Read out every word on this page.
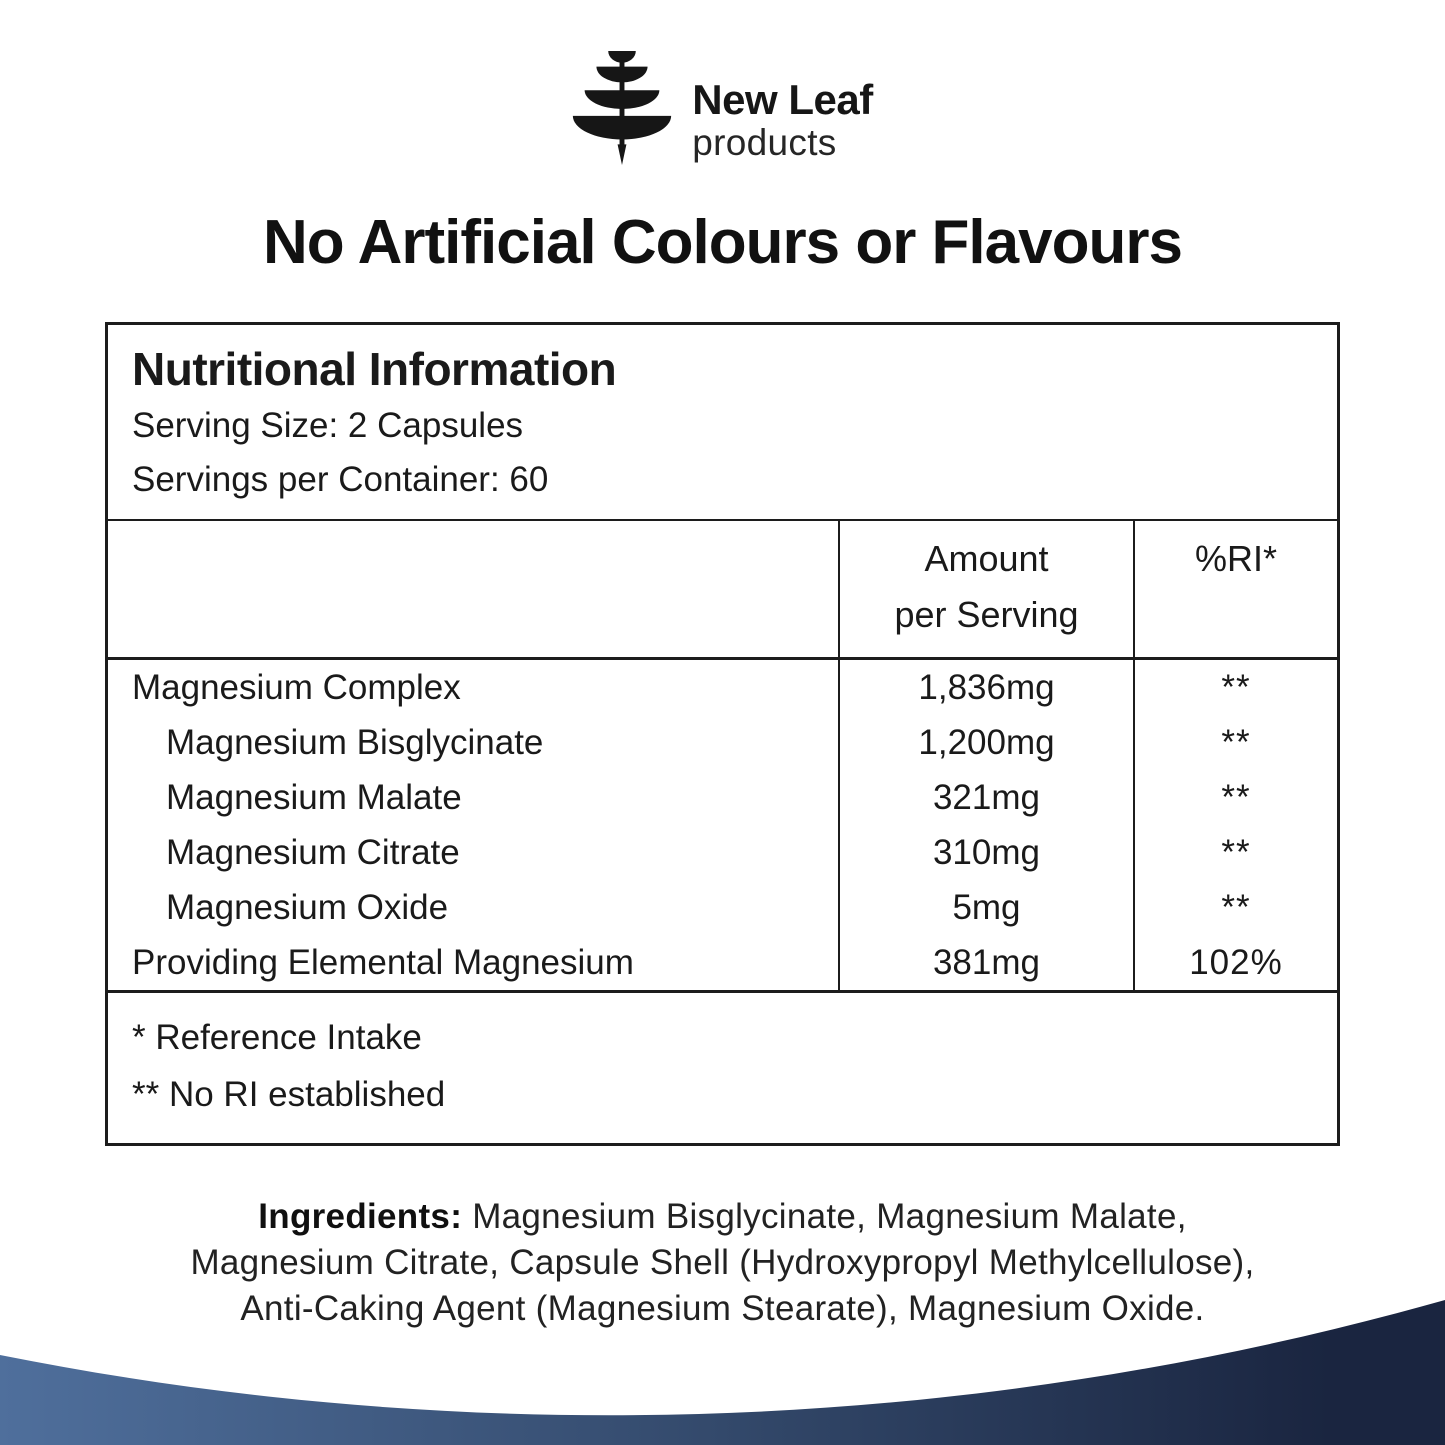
New Leaf
products
No Artificial Colours or Flavours
Nutritional Information
Serving Size: 2 Capsules
Servings per Container: 60
Amount
per Serving
%RI*
Magnesium Complex	1,836mg	**
Magnesium Bisglycinate	1,200mg	**
Magnesium Malate	321mg	**
Magnesium Citrate	310mg	**
Magnesium Oxide	5mg	**
Providing Elemental Magnesium	381mg	102%
* Reference Intake
** No RI established
Ingredients: Magnesium Bisglycinate, Magnesium Malate,
Magnesium Citrate, Capsule Shell (Hydroxypropyl Methylcellulose),
Anti-Caking Agent (Magnesium Stearate), Magnesium Oxide.
